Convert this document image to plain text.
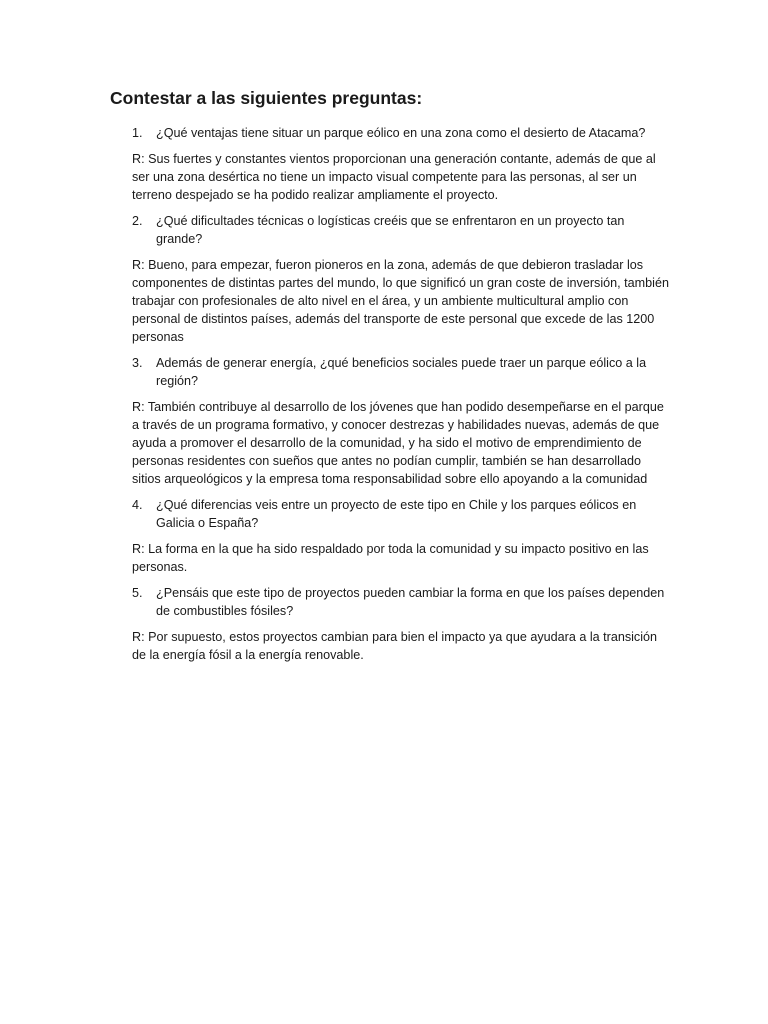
Contestar a las siguientes preguntas:

1. ¿Qué ventajas tiene situar un parque eólico en una zona como el desierto de Atacama?

R: Sus fuertes y constantes vientos proporcionan una generación contante, además de que al ser una zona desértica no tiene un impacto visual competente para las personas, al ser un terreno despejado se ha podido realizar ampliamente el proyecto.

2. ¿Qué dificultades técnicas o logísticas creéis que se enfrentaron en un proyecto tan grande?

R: Bueno, para empezar, fueron pioneros en la zona, además de que debieron trasladar los componentes de distintas partes del mundo, lo que significó un gran coste de inversión, también trabajar con profesionales de alto nivel en el área, y un ambiente multicultural amplio con personal de distintos países, además del transporte de este personal que excede de las 1200 personas

3. Además de generar energía, ¿qué beneficios sociales puede traer un parque eólico a la región?

R: También contribuye al desarrollo de los jóvenes que han podido desempeñarse en el parque a través de un programa formativo, y conocer destrezas y habilidades nuevas, además de que ayuda a promover el desarrollo de la comunidad, y ha sido el motivo de emprendimiento de personas residentes con sueños que antes no podían cumplir, también se han desarrollado sitios arqueológicos y la empresa toma responsabilidad sobre ello apoyando a la comunidad

4. ¿Qué diferencias veis entre un proyecto de este tipo en Chile y los parques eólicos en Galicia o España?

R: La forma en la que ha sido respaldado por toda la comunidad y su impacto positivo en las personas.

5. ¿Pensáis que este tipo de proyectos pueden cambiar la forma en que los países dependen de combustibles fósiles?

R: Por supuesto, estos proyectos cambian para bien el impacto ya que ayudara a la transición de la energía fósil a la energía renovable.
